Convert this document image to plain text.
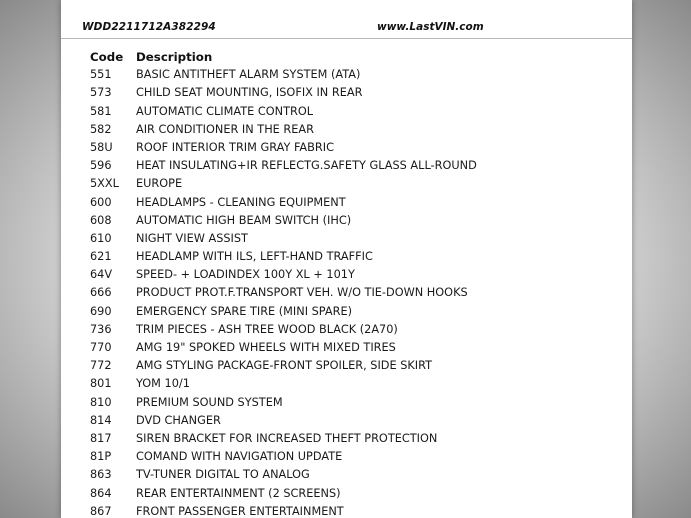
WDD2211712A382294	www.LastVIN.com
Code	Description
551	BASIC ANTITHEFT ALARM SYSTEM (ATA)
573	CHILD SEAT MOUNTING, ISOFIX IN REAR
581	AUTOMATIC CLIMATE CONTROL
582	AIR CONDITIONER IN THE REAR
58U	ROOF INTERIOR TRIM GRAY FABRIC
596	HEAT INSULATING+IR REFLECTG.SAFETY GLASS ALL-ROUND
5XXL	EUROPE
600	HEADLAMPS - CLEANING EQUIPMENT
608	AUTOMATIC HIGH BEAM SWITCH (IHC)
610	NIGHT VIEW ASSIST
621	HEADLAMP WITH ILS, LEFT-HAND TRAFFIC
64V	SPEED- + LOADINDEX 100Y XL + 101Y
666	PRODUCT PROT.F.TRANSPORT VEH. W/O TIE-DOWN HOOKS
690	EMERGENCY SPARE TIRE (MINI SPARE)
736	TRIM PIECES - ASH TREE WOOD BLACK (2A70)
770	AMG 19" SPOKED WHEELS WITH MIXED TIRES
772	AMG STYLING PACKAGE-FRONT SPOILER, SIDE SKIRT
801	YOM 10/1
810	PREMIUM SOUND SYSTEM
814	DVD CHANGER
817	SIREN BRACKET FOR INCREASED THEFT PROTECTION
81P	COMAND WITH NAVIGATION UPDATE
863	TV-TUNER DIGITAL TO ANALOG
864	REAR ENTERTAINMENT (2 SCREENS)
867	FRONT PASSENGER ENTERTAINMENT
